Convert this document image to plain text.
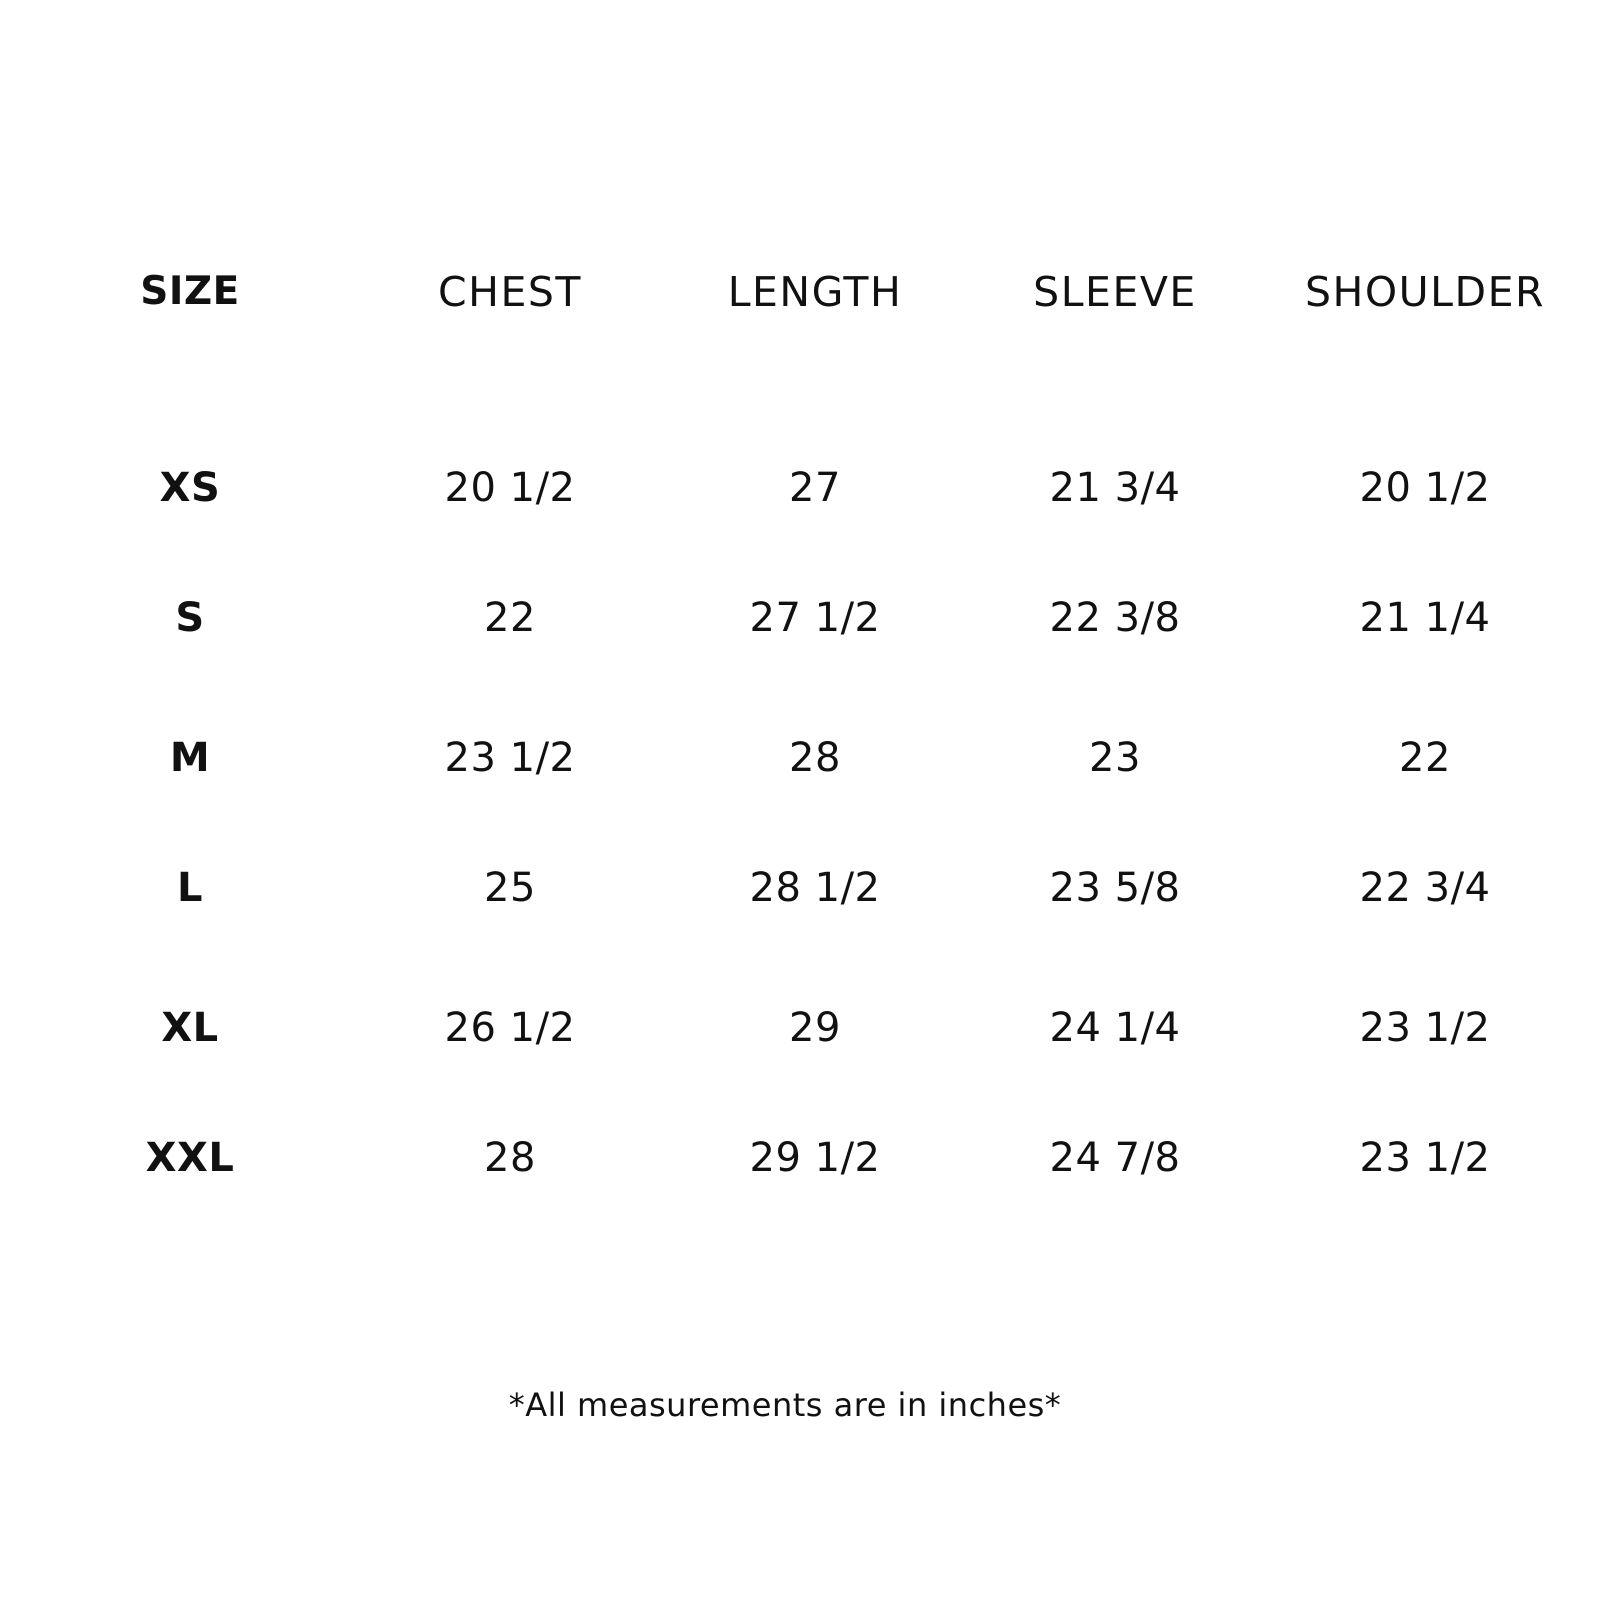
SIZE	CHEST	LENGTH	SLEEVE	SHOULDER
XS	20 1/2	27	21 3/4	20 1/2
S	22	27 1/2	22 3/8	21 1/4
M	23 1/2	28	23	22
L	25	28 1/2	23 5/8	22 3/4
XL	26 1/2	29	24 1/4	23 1/2
XXL	28	29 1/2	24 7/8	23 1/2
*All measurements are in inches*
